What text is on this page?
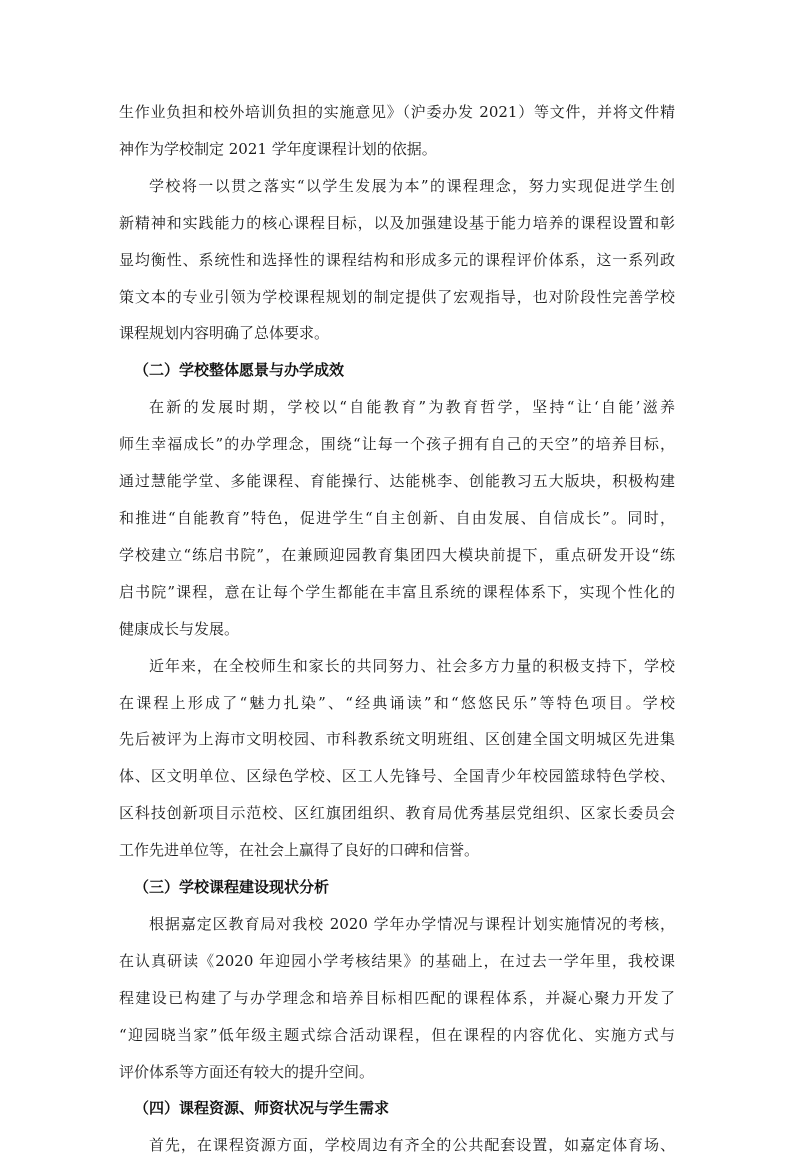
生作业负担和校外培训负担的实施意见》（沪委办发 2021）等文件，并将文件精
神作为学校制定 2021 学年度课程计划的依据。

学校将一以贯之落实“以学生发展为本”的课程理念，努力实现促进学生创
新精神和实践能力的核心课程目标，以及加强建设基于能力培养的课程设置和彰
显均衡性、系统性和选择性的课程结构和形成多元的课程评价体系，这一系列政
策文本的专业引领为学校课程规划的制定提供了宏观指导，也对阶段性完善学校
课程规划内容明确了总体要求。

（二）学校整体愿景与办学成效

在新的发展时期，学校以“自能教育”为教育哲学，坚持“让‘自能’滋养
师生幸福成长”的办学理念，围绕“让每一个孩子拥有自己的天空”的培养目标，
通过慧能学堂、多能课程、育能操行、达能桃李、创能教习五大版块，积极构建
和推进“自能教育”特色，促进学生“自主创新、自由发展、自信成长”。同时，
学校建立“练启书院”，在兼顾迎园教育集团四大模块前提下，重点研发开设“练
启书院”课程，意在让每个学生都能在丰富且系统的课程体系下，实现个性化的
健康成长与发展。

近年来，在全校师生和家长的共同努力、社会多方力量的积极支持下，学校
在课程上形成了“魅力扎染”、“经典诵读”和“悠悠民乐”等特色项目。学校
先后被评为上海市文明校园、市科教系统文明班组、区创建全国文明城区先进集
体、区文明单位、区绿色学校、区工人先锋号、全国青少年校园篮球特色学校、
区科技创新项目示范校、区红旗团组织、教育局优秀基层党组织、区家长委员会
工作先进单位等，在社会上赢得了良好的口碑和信誉。

（三）学校课程建设现状分析

根据嘉定区教育局对我校 2020 学年办学情况与课程计划实施情况的考核，
在认真研读《2020 年迎园小学考核结果》的基础上，在过去一学年里，我校课
程建设已构建了与办学理念和培养目标相匹配的课程体系，并凝心聚力开发了
“迎园晓当家”低年级主题式综合活动课程，但在课程的内容优化、实施方式与
评价体系等方面还有较大的提升空间。

（四）课程资源、师资状况与学生需求

首先，在课程资源方面，学校周边有齐全的公共配套设置，如嘉定体育场、
